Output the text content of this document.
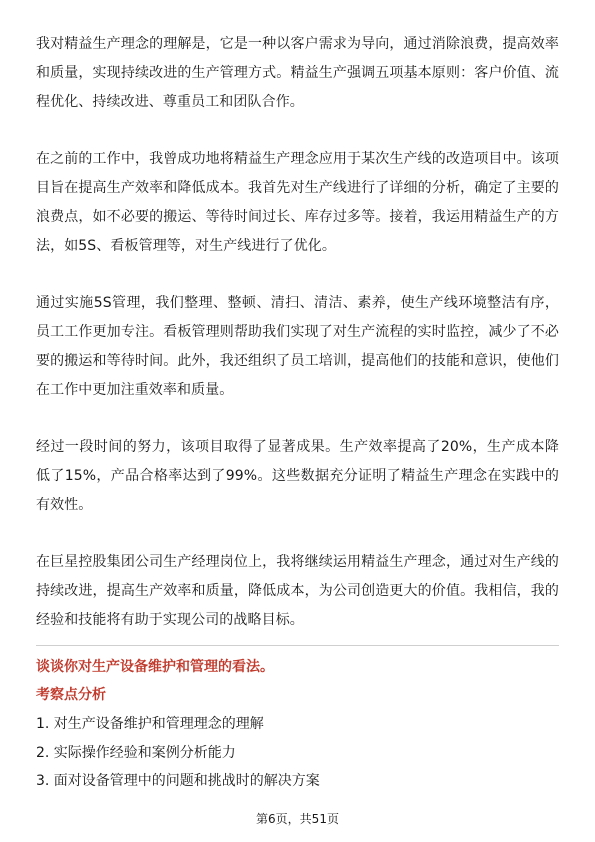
我对精益生产理念的理解是，它是一种以客户需求为导向，通过消除浪费，提高效率和质量，实现持续改进的生产管理方式。精益生产强调五项基本原则：客户价值、流程优化、持续改进、尊重员工和团队合作。

在之前的工作中，我曾成功地将精益生产理念应用于某次生产线的改造项目中。该项目旨在提高生产效率和降低成本。我首先对生产线进行了详细的分析，确定了主要的浪费点，如不必要的搬运、等待时间过长、库存过多等。接着，我运用精益生产的方法，如5S、看板管理等，对生产线进行了优化。

通过实施5S管理，我们整理、整顿、清扫、清洁、素养，使生产线环境整洁有序，员工工作更加专注。看板管理则帮助我们实现了对生产流程的实时监控，减少了不必要的搬运和等待时间。此外，我还组织了员工培训，提高他们的技能和意识，使他们在工作中更加注重效率和质量。

经过一段时间的努力，该项目取得了显著成果。生产效率提高了20%，生产成本降低了15%，产品合格率达到了99%。这些数据充分证明了精益生产理念在实践中的有效性。

在巨星控股集团公司生产经理岗位上，我将继续运用精益生产理念，通过对生产线的持续改进，提高生产效率和质量，降低成本，为公司创造更大的价值。我相信，我的经验和技能将有助于实现公司的战略目标。

谈谈你对生产设备维护和管理的看法。
考察点分析
1. 对生产设备维护和管理理念的理解
2. 实际操作经验和案例分析能力
3. 面对设备管理中的问题和挑战时的解决方案
第6页，共51页
